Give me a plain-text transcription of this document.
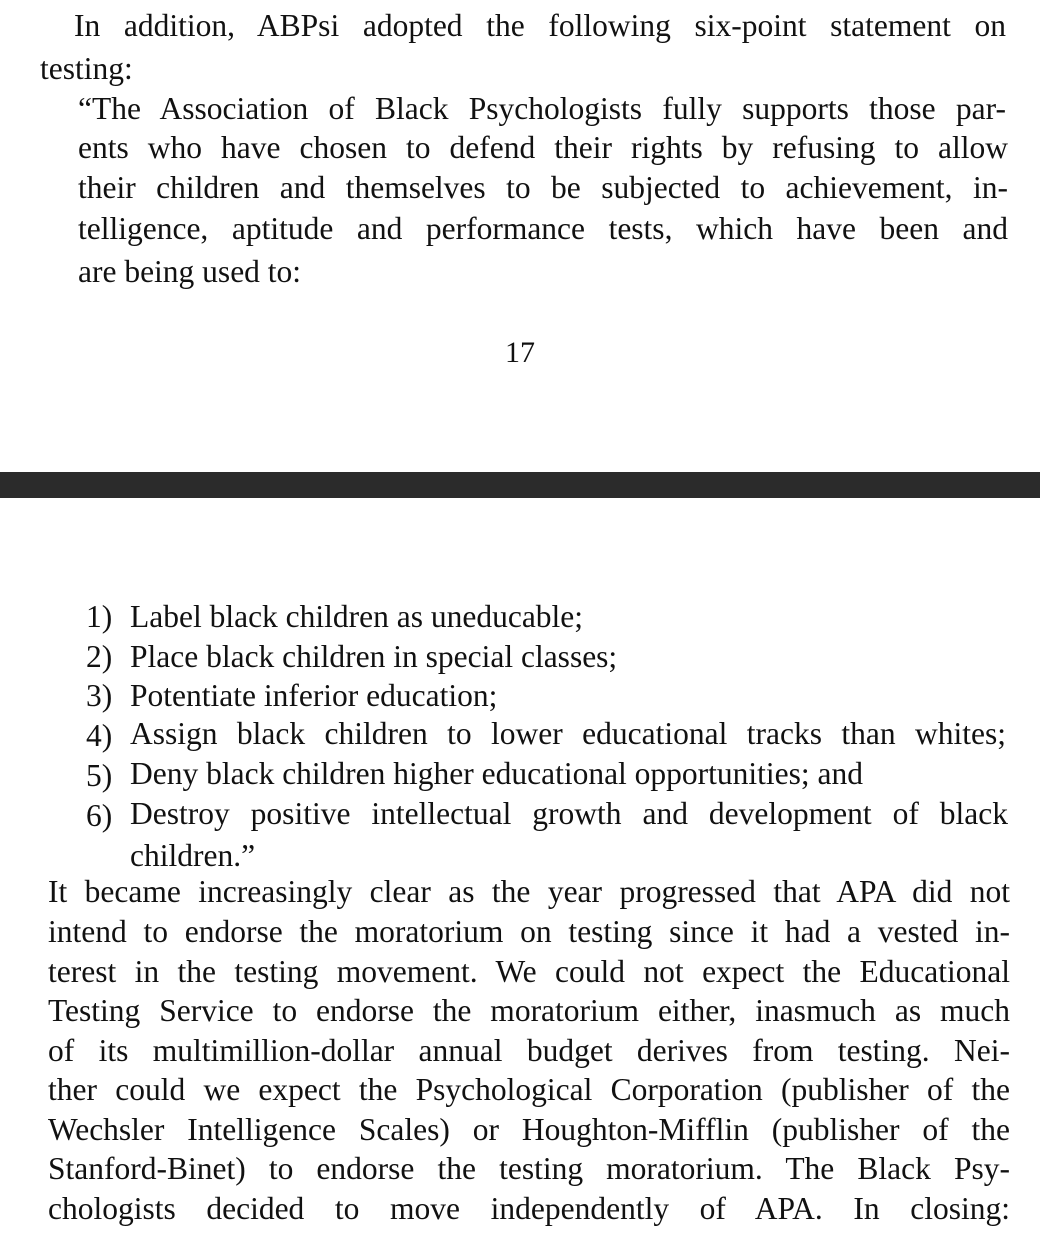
In addition, ABPsi adopted the following six-point statement on

testing:

“The Association of Black Psychologists fully supports those par-

ents who have chosen to defend their rights by refusing to allow

their children and themselves to be subjected to achievement, in-

telligence, aptitude and performance tests, which have been and

are being used to:

17
1) Label black children as uneducable;
2) Place black children in special classes;
3) Potentiate inferior education;
4) Assign black children to lower educational tracks than whites;
5) Deny black children higher educational opportunities; and
6) Destroy positive intellectual growth and development of black
children.”

It became increasingly clear as the year progressed that APA did not

intend to endorse the moratorium on testing since it had a vested in-

terest in the testing movement. We could not expect the Educational

Testing Service to endorse the moratorium either, inasmuch as much

of its multimillion-dollar annual budget derives from testing. Nei-

ther could we expect the Psychological Corporation (publisher of the

Wechsler Intelligence Scales) or Houghton-Mifflin (publisher of the

Stanford-Binet) to endorse the testing moratorium. The Black Psy-

chologists decided to move independently of APA. In closing:
